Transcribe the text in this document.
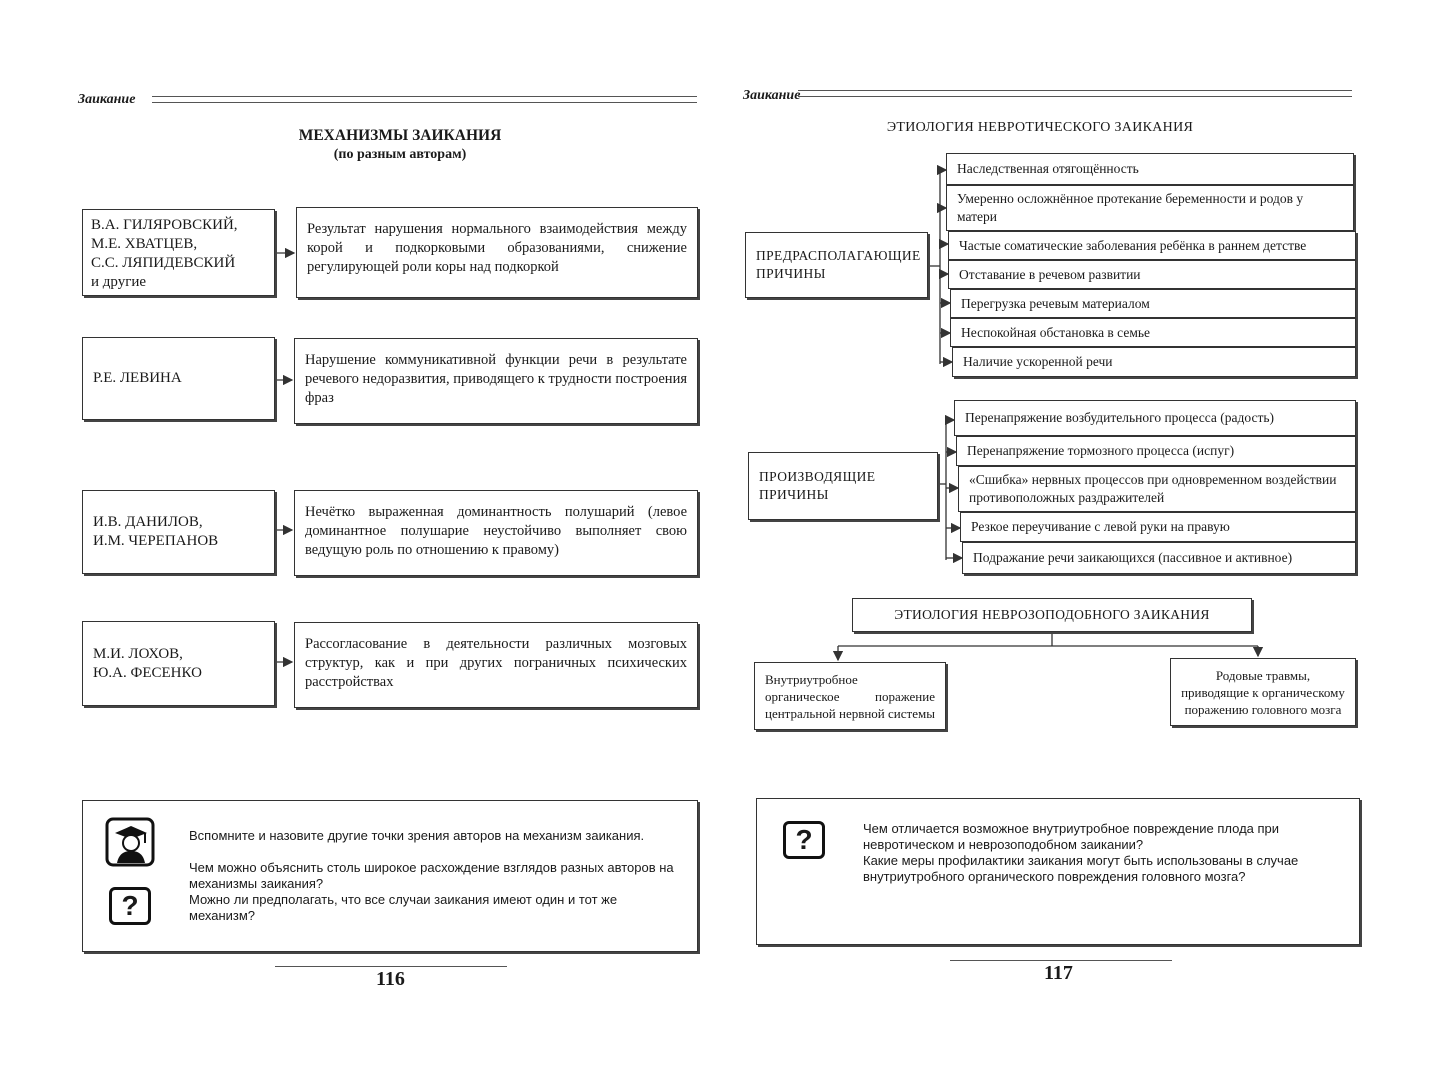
Заикание
МЕХАНИЗМЫ ЗАИКАНИЯ
(по разным авторам)
В.А. ГИЛЯРОВСКИЙ,
М.Е. ХВАТЦЕВ,
С.С. ЛЯПИДЕВСКИЙ
и другие
Результат нарушения нормального взаимодействия между корой и подкорковыми образованиями, снижение регулирующей роли коры над подкоркой
Р.Е. ЛЕВИНА
Нарушение коммуникативной функции речи в результате речевого недоразвития, приводящего к трудности построения фраз
И.В. ДАНИЛОВ,
И.М. ЧЕРЕПАНОВ
Нечётко выраженная доминантность полушарий (левое доминантное полушарие неустойчиво выполняет свою ведущую роль по отношению к правому)
М.И. ЛОХОВ,
Ю.А. ФЕСЕНКО
Рассогласование в деятельности различных мозговых структур, как и при других пограничных психических расстройствах
?
Вспомните и назовите другие точки зрения авторов на механизм заикания.

Чем можно объяснить столь широкое расхождение взглядов разных авторов на механизмы заикания?
Можно ли предполагать, что все случаи заикания имеют один и тот же механизм?
116
Заикание
ЭТИОЛОГИЯ НЕВРОТИЧЕСКОГО ЗАИКАНИЯ
ПРЕДРАСПОЛАГАЮЩИЕ ПРИЧИНЫ
Наследственная отягощённость
Умеренно осложнённое протекание беременности и родов у матери
Частые соматические заболевания ребёнка в раннем детстве
Отставание в речевом развитии
Перегрузка речевым материалом
Неспокойная обстановка в семье
Наличие ускоренной речи
ПРОИЗВОДЯЩИЕ ПРИЧИНЫ
Перенапряжение возбудительного процесса (радость)
Перенапряжение тормозного процесса (испуг)
«Сшибка» нервных процессов при одновременном воздействии противоположных раздражителей
Резкое переучивание с левой руки на правую
Подражание речи заикающихся (пассивное и активное)
ЭТИОЛОГИЯ НЕВРОЗОПОДОБНОГО ЗАИКАНИЯ
Внутриутробное органическое поражение центральной нервной системы
Родовые травмы, приводящие к органическому поражению головного мозга
?	Чем отличается возможное внутриутробное повреждение плода при невротическом и неврозоподобном заикании?
Какие меры профилактики заикания могут быть использованы в случае внутриутробного органического повреждения головного мозга?
117
